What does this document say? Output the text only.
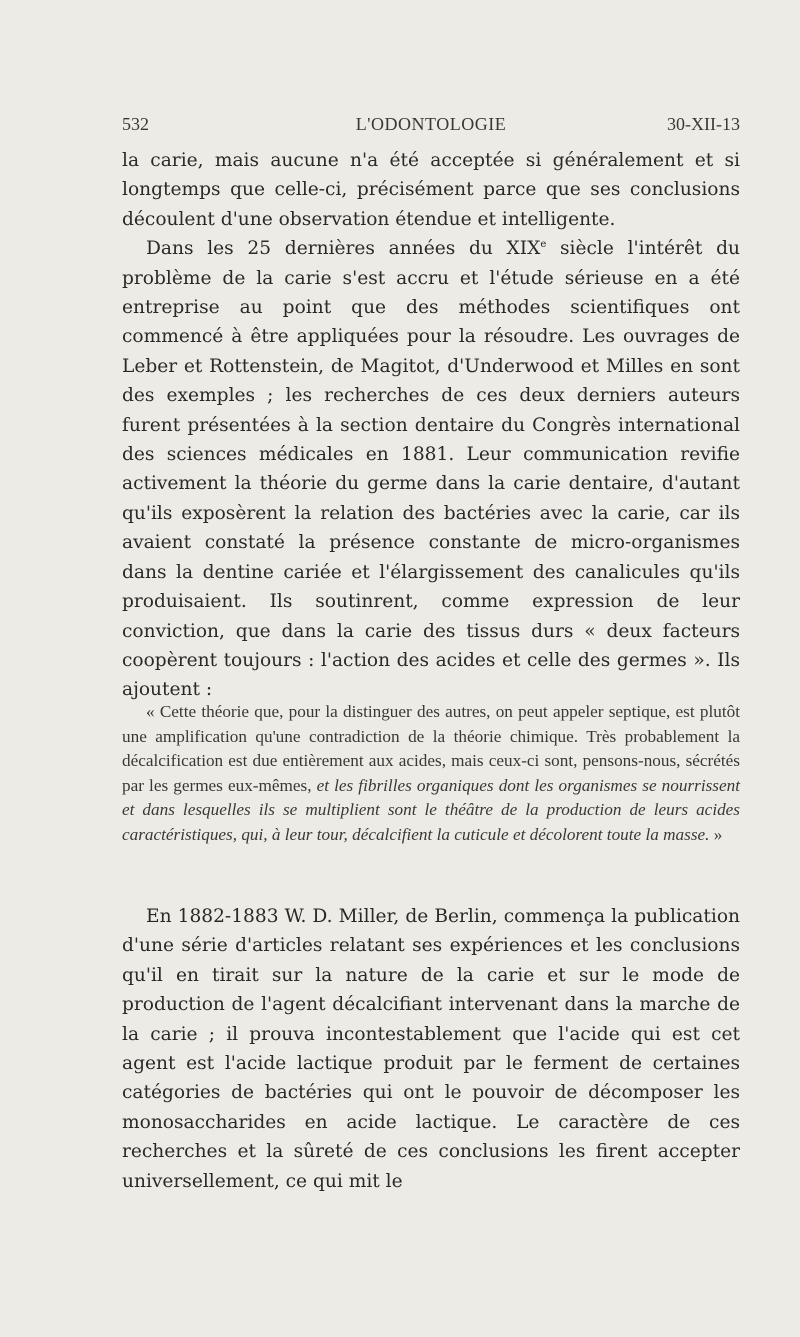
532	L'ODONTOLOGIE	30-XII-13

la carie, mais aucune n'a été acceptée si généralement et si longtemps que celle-ci, précisément parce que ses conclusions découlent d'une observation étendue et intelligente.

Dans les 25 dernières années du XIXe siècle l'intérêt du problème de la carie s'est accru et l'étude sérieuse en a été entreprise au point que des méthodes scientifiques ont commencé à être appliquées pour la résoudre. Les ouvrages de Leber et Rottenstein, de Magitot, d'Underwood et Milles en sont des exemples ; les recherches de ces deux derniers auteurs furent présentées à la section dentaire du Congrès international des sciences médicales en 1881. Leur communication revifie activement la théorie du germe dans la carie dentaire, d'autant qu'ils exposèrent la relation des bactéries avec la carie, car ils avaient constaté la présence constante de micro-organismes dans la dentine cariée et l'élargissement des canalicules qu'ils produisaient. Ils soutinrent, comme expression de leur conviction, que dans la carie des tissus durs « deux facteurs coopèrent toujours : l'action des acides et celle des germes ». Ils ajoutent :

« Cette théorie que, pour la distinguer des autres, on peut appeler septique, est plutôt une amplification qu'une contradiction de la théorie chimique. Très probablement la décalcification est due entièrement aux acides, mais ceux-ci sont, pensons-nous, sécrétés par les germes eux-mêmes, et les fibrilles organiques dont les organismes se nourrissent et dans lesquelles ils se multiplient sont le théâtre de la production de leurs acides caractéristiques, qui, à leur tour, décalcifient la cuticule et décolorent toute la masse. »

En 1882-1883 W. D. Miller, de Berlin, commença la publication d'une série d'articles relatant ses expériences et les conclusions qu'il en tirait sur la nature de la carie et sur le mode de production de l'agent décalcifiant intervenant dans la marche de la carie ; il prouva incontestablement que l'acide qui est cet agent est l'acide lactique produit par le ferment de certaines catégories de bactéries qui ont le pouvoir de décomposer les monosaccharides en acide lactique. Le caractère de ces recherches et la sûreté de ces conclusions les firent accepter universellement, ce qui mit le
